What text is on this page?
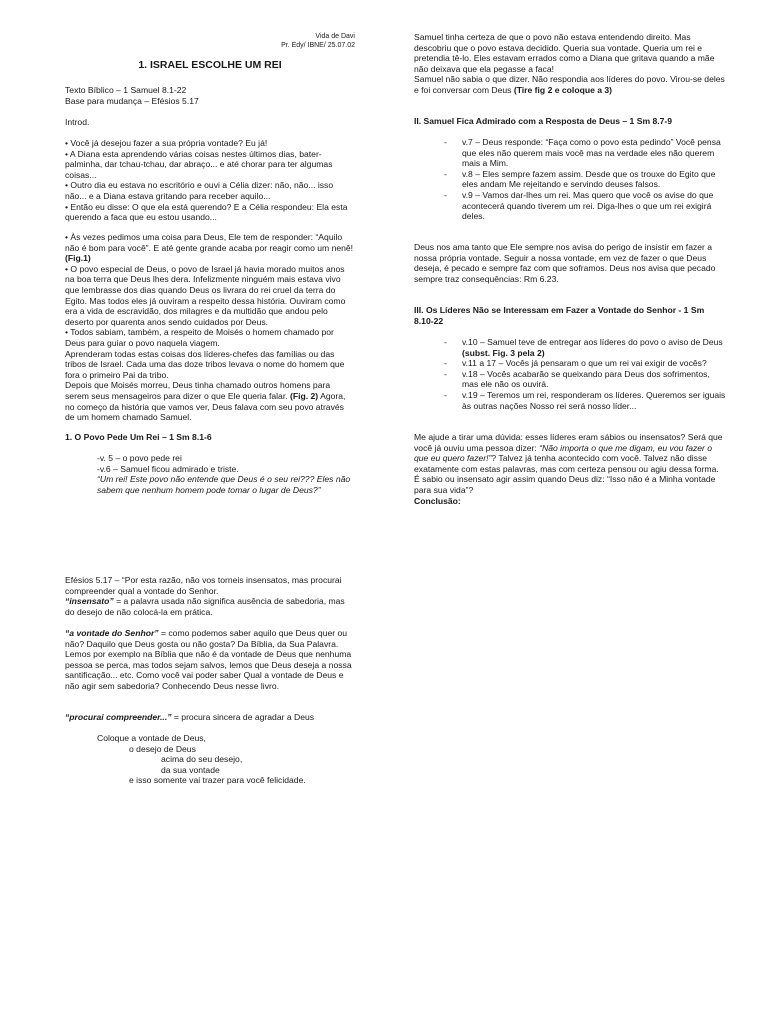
Vida de Davi
Pr. Edy/ IBNE/ 25.07.02
1. ISRAEL ESCOLHE UM REI

Texto Bíblico – 1 Samuel 8.1-22

Base para mudança – Efésios 5.17

Introd.

• Você já desejou fazer a sua própria vontade? Eu já!

• A Diana esta aprendendo várias coisas nestes últimos dias, bater-palminha, dar tchau-tchau, dar abraço... e até chorar para ter algumas coisas...

• Outro dia eu estava no escritório e ouvi a Célia dizer: não, não... isso não... e a Diana estava gritando para receber aquilo...

• Então eu disse: O que ela está querendo? E a Célia respondeu: Ela esta querendo a faca que eu estou usando...

• Às vezes pedimos uma coisa para Deus, Ele tem de responder: “Aquilo não é bom para você”. E até gente grande acaba por reagir como um nenê! (Fig.1)

• O povo especial de Deus, o povo de Israel já havia morado muitos anos na boa terra que Deus lhes dera. Infelizmente ninguém mais estava vivo que lembrasse dos dias quando Deus os livrara do rei cruel da terra do Egito. Mas todos eles já ouviram a respeito dessa história. Ouviram como era a vida de escravidão, dos milagres e da multidão que andou pelo deserto por quarenta anos sendo cuidados por Deus.

• Todos sabiam, também, a respeito de Moisés o homem chamado por Deus para guiar o povo naquela viagem.

Aprenderam todas estas coisas dos líderes-chefes das famílias ou das tribos de Israel. Cada uma das doze tribos levava o nome do homem que fora o primeiro Pai da tribo.

Depois que Moisés morreu, Deus tinha chamado outros homens para serem seus mensageiros para dizer o que Ele queria falar. (Fig. 2) Agora, no começo da história que vamos ver, Deus falava com seu povo através de um homem chamado Samuel.

1. O Povo Pede Um Rei – 1 Sm 8.1-6

-v. 5 – o povo pede rei

-v.6 – Samuel ficou admirado e triste.

“Um rei! Este povo não entende que Deus é o seu rei??? Eles não sabem que nenhum homem pode tomar o lugar de Deus?”

Efésios 5.17 – “Por esta razão, não vos torneis insensatos, mas procurai compreender qual a vontade do Senhor.

“insensato” = a palavra usada não significa ausência de sabedoria, mas do desejo de não colocá-la em prática.

“a vontade do Senhor” = como podemos saber aquilo que Deus quer ou não? Daquilo que Deus gosta ou não gosta? Da Bíblia, da Sua Palavra. Lemos por exemplo na Bíblia que não é da vontade de Deus que nenhuma pessoa se perca, mas todos sejam salvos, lemos que Deus deseja a nossa santificação... etc. Como você vai poder saber Qual a vontade de Deus e não agir sem sabedoria? Conhecendo Deus nesse livro.

“procurai compreender...” = procura sincera de agradar a Deus

Coloque a vontade de Deus,

o desejo de Deus

acima do seu desejo,

da sua vontade

e isso somente vai trazer para você felicidade.

Samuel tinha certeza de que o povo não estava entendendo direito. Mas descobriu que o povo estava decidido. Queria sua vontade. Queria um rei e pretendia tê-lo. Eles estavam errados como a Diana que gritava quando a mãe não deixava que ela pegasse a faca!

Samuel não sabia o que dizer. Não respondia aos líderes do povo. Virou-se deles e foi conversar com Deus (Tire fig 2 e coloque a 3)

II. Samuel Fica Admirado com a Resposta de Deus – 1 Sm 8.7-9

-	v.7 – Deus responde: “Faça como o povo esta pedindo” Você pensa que eles não querem mais você mas na verdade eles não querem mais a Mim.
-	v.8 – Eles sempre fazem assim. Desde que os trouxe do Egito que eles andam Me rejeitando e servindo deuses falsos.
-	v.9 – Vamos dar-lhes um rei. Mas quero que você os avise do que acontecerá quando tiverem um rei. Diga-lhes o que um rei exigirá deles.

Deus nos ama tanto que Ele sempre nos avisa do perigo de insistir em fazer a nossa própria vontade. Seguir a nossa vontade, em vez de fazer o que Deus deseja, é pecado e sempre faz com que soframos. Deus nos avisa que pecado sempre traz consequências: Rm 6.23.

III. Os Líderes Não se Interessam em Fazer a Vontade do Senhor - 1 Sm 8.10-22

-	v.10 – Samuel teve de entregar aos líderes do povo o aviso de Deus (subst. Fig. 3 pela 2)
-	v.11 a 17 – Vocês já pensaram o que um rei vai exigir de vocês?
-	v.18 – Vocês acabarão se queixando para Deus dos sofrimentos, mas ele não os ouvirá.
-	v.19 – Teremos um rei, responderam os líderes. Queremos ser iguais às outras nações Nosso rei será nosso líder...

Me ajude a tirar uma dúvida: esses líderes eram sábios ou insensatos? Será que você já ouviu uma pessoa dizer: “Não importa o que me digam, eu vou fazer o que eu quero fazer!”? Talvez já tenha acontecido com você. Talvez não disse exatamente com estas palavras, mas com certeza pensou ou agiu dessa forma. É sabio ou insensato agir assim quando Deus diz: “Isso não é a Minha vontade para sua vida”?

Conclusão:
